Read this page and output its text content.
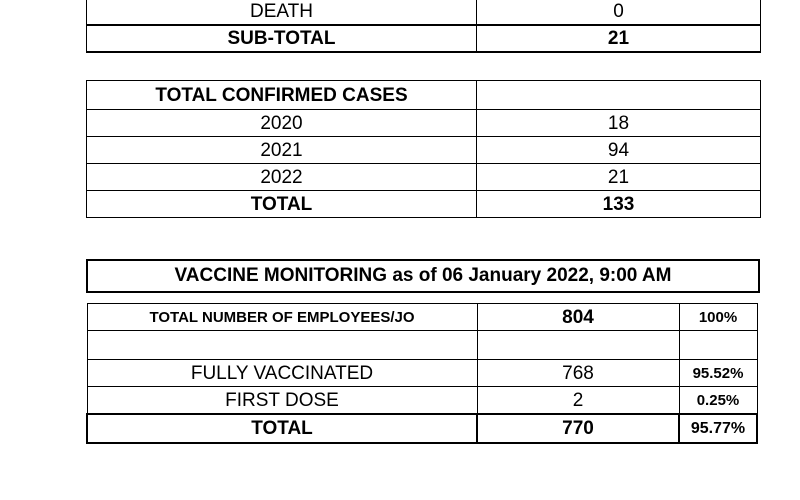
DEATH	0
SUB-TOTAL	21
TOTAL CONFIRMED CASES	
2020	18
2021	94
2022	21
TOTAL	133
VACCINE MONITORING as of 06 January 2022, 9:00 AM
TOTAL NUMBER OF EMPLOYEES/JO	804	100%

FULLY VACCINATED	768	95.52%
FIRST DOSE	2	0.25%
TOTAL	770	95.77%
